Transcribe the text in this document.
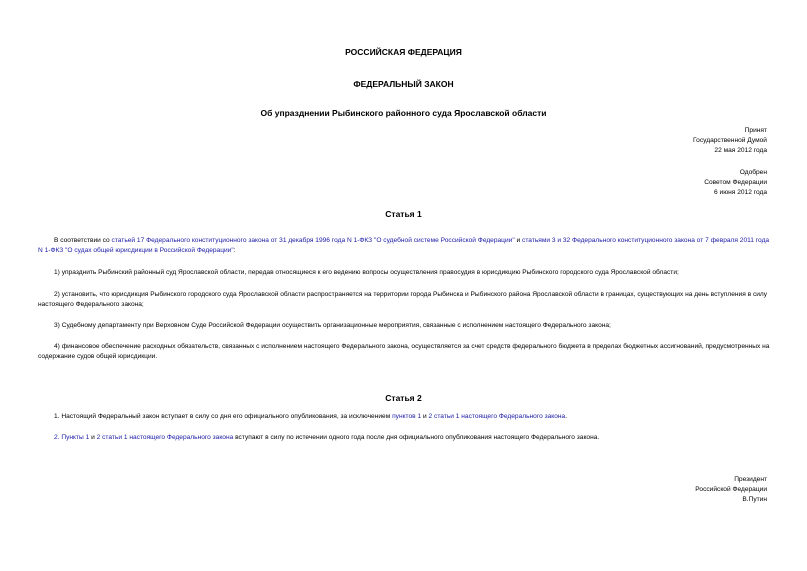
РОССИЙСКАЯ ФЕДЕРАЦИЯ
ФЕДЕРАЛЬНЫЙ ЗАКОН
Об упразднении Рыбинского районного суда Ярославской области
Принят
Государственной Думой
22 мая 2012 года
Одобрен
Советом Федерации
6 июня 2012 года
Статья 1
В соответствии со статьей 17 Федерального конституционного закона от 31 декабря 1996 года N 1-ФКЗ "О судебной системе Российской Федерации" и статьями 3 и 32 Федерального конституционного закона от 7 февраля 2011 года N 1-ФКЗ "О судах общей юрисдикции в Российской Федерации":
1) упразднить Рыбинский районный суд Ярославской области, передав относящиеся к его ведению вопросы осуществления правосудия в юрисдикцию Рыбинского городского суда Ярославской области;
2) установить, что юрисдикция Рыбинского городского суда Ярославской области распространяется на территории города Рыбинска и Рыбинского района Ярославской области в границах, существующих на день вступления в силу настоящего Федерального закона;
3) Судебному департаменту при Верховном Суде Российской Федерации осуществить организационные мероприятия, связанные с исполнением настоящего Федерального закона;
4) финансовое обеспечение расходных обязательств, связанных с исполнением настоящего Федерального закона, осуществляется за счет средств федерального бюджета в пределах бюджетных ассигнований, предусмотренных на содержание судов общей юрисдикции.
Статья 2
1. Настоящий Федеральный закон вступает в силу со дня его официального опубликования, за исключением пунктов 1 и 2 статьи 1 настоящего Федерального закона.
2. Пункты 1 и 2 статьи 1 настоящего Федерального закона вступают в силу по истечении одного года после дня официального опубликования настоящего Федерального закона.
Президент
Российской Федерации
В.Путин
